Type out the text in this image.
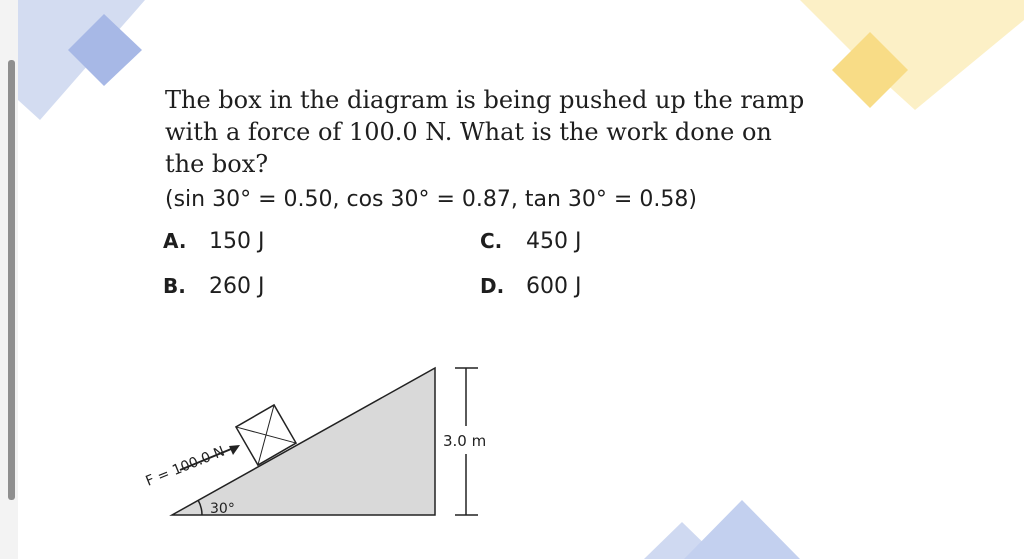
The box in the diagram is being pushed up the ramp with a force of 100.0 N. What is the work done on the box?

(sin 30° = 0.50, cos 30° = 0.87, tan 30° = 0.58)
A. 150 J
B. 260 J
C. 450 J
D. 600 J
30°
F = 100.0 N
3.0 m
